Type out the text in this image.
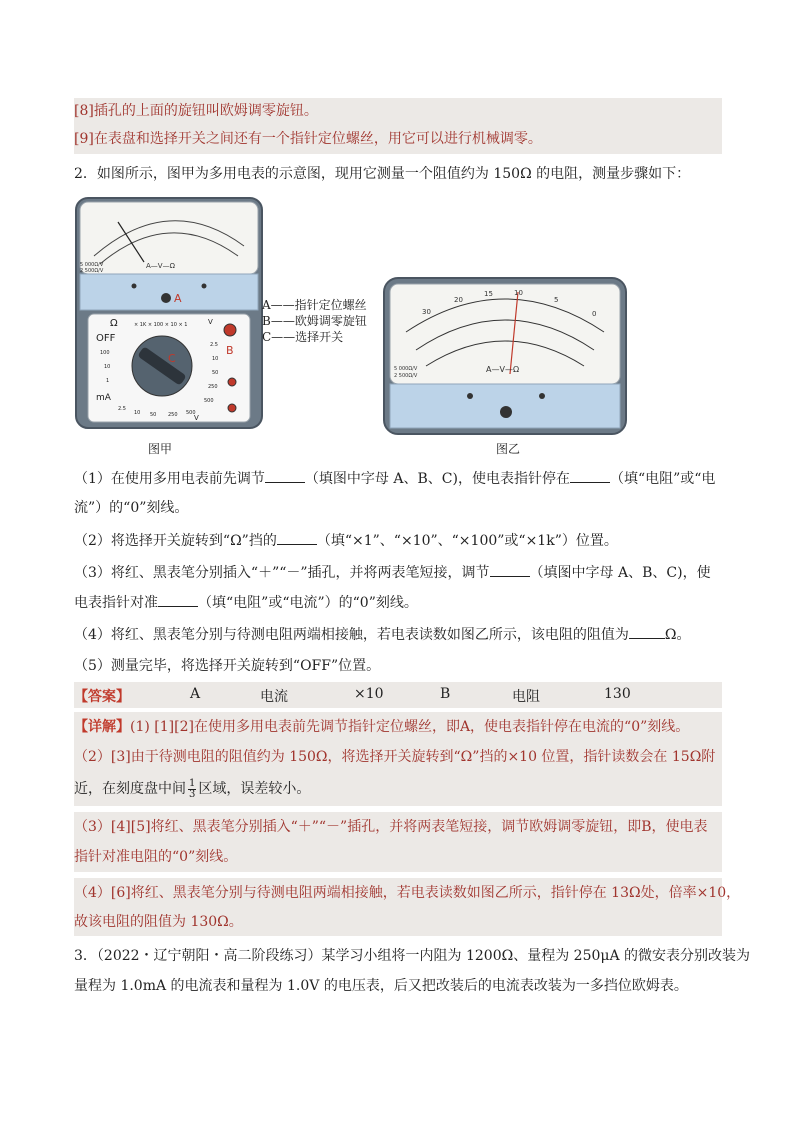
[8]插孔的上面的旋钮叫欧姆调零旋钮。
[9]在表盘和选择开关之间还有一个指针定位螺丝，用它可以进行机械调零。
2．如图所示，图甲为多用电表的示意图，现用它测量一个阻值约为 150Ω 的电阻，测量步骤如下：
5 000Ω/V
2 500Ω/V
A—V—Ω
A
Ω
OFF
× 1K × 100 × 10 × 1	V
100
10
1
mA
2.5
10 50 250 500
2.5
10
50
250
500
V
C
B
图甲
A——指针定位螺丝
B——欧姆调零旋钮
C——选择开关
30
20
15	10
5
0
A—V—Ω
5 000Ω/V
2 500Ω/V
图乙
（1）在使用多用电表前先调节	（填图中字母 A、B、C)，使电表指针停在	（填“电阻”或“电
流”）的“0”刻线。
（2）将选择开关旋转到“Ω”挡的	（填“×1”、“×10”、“×100”或“×1k”）位置。
（3）将红、黑表笔分别插入“＋”“－”插孔，并将两表笔短接，调节	（填图中字母 A、B、C)，使
电表指针对准	（填“电阻”或“电流”）的“0”刻线。
（4）将红、黑表笔分别与待测电阻两端相接触，若电表读数如图乙所示，该电阻的阻值为	Ω。
（5）测量完毕，将选择开关旋转到“OFF”位置。
【答案】	A	电流	×10	B	电阻	130
【详解】(1) [1][2]在使用多用电表前先调节指针定位螺丝，即A，使电表指针停在电流的“0”刻线。
（2）[3]由于待测电阻的阻值约为 150Ω，将选择开关旋转到“Ω”挡的×10 位置，指针读数会在 15Ω附
近，在刻度盘中间 $\frac{1}{3}$ 区域，误差较小。
（3）[4][5]将红、黑表笔分别插入“＋”“－”插孔，并将两表笔短接，调节欧姆调零旋钮，即B，使电表
指针对准电阻的“0”刻线。
（4）[6]将红、黑表笔分别与待测电阻两端相接触，若电表读数如图乙所示，指针停在 13Ω处，倍率×10，
故该电阻的阻值为 130Ω。
3．（2022・辽宁朝阳・高二阶段练习）某学习小组将一内阻为 1200Ω、量程为 250μA 的微安表分别改装为
量程为 1.0mA 的电流表和量程为 1.0V 的电压表，后又把改装后的电流表改装为一多挡位欧姆表。
